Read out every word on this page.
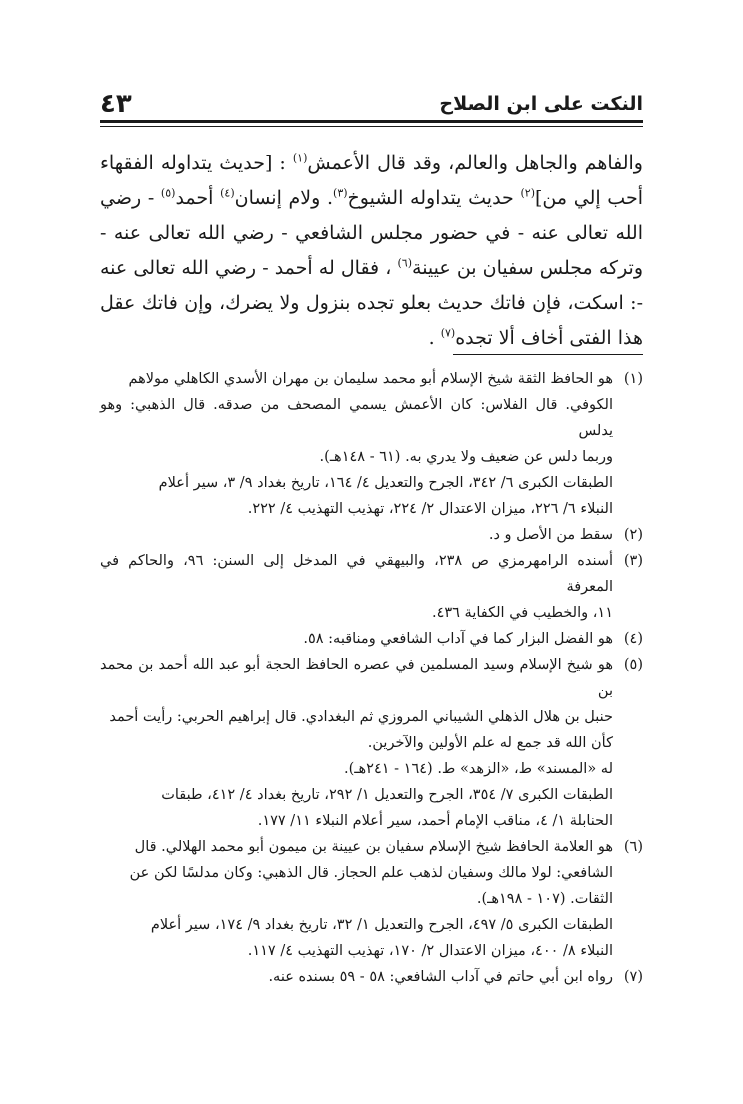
النكت على ابن الصلاح
٤٣

والفاهم والجاهل والعالم، وقد قال الأعمش$^{(١)}$ : [حديث يتداوله الفقهاء أحب إلي من]$^{(٢)}$ حديث يتداوله الشيوخ$^{(٣)}$. ولام إنسان$^{(٤)}$ أحمد$^{(٥)}$ - رضي الله تعالى عنه - في حضور مجلس الشافعي - رضي الله تعالى عنه - وتركه مجلس سفيان بن عيينة$^{(٦)}$ ، فقال له أحمد - رضي الله تعالى عنه -: اسكت، فإن فاتك حديث بعلو تجده بنزول ولا يضرك، وإن فاتك عقل هذا الفتى أخاف ألا تجده$^{(٧)}$ .

(١)
هو الحافظ الثقة شيخ الإسلام أبو محمد سليمان بن مهران الأسدي الكاهلي مولاهم
الكوفي. قال الفلاس: كان الأعمش يسمي المصحف من صدقه. قال الذهبي: وهو يدلس
وربما دلس عن ضعيف ولا يدري به. (٦١ - ١٤٨هـ).
الطبقات الكبرى ٦/ ٣٤٢، الجرح والتعديل ٤/ ١٦٤، تاريخ بغداد ٩/ ٣، سير أعلام
النبلاء ٦/ ٢٢٦، ميزان الاعتدال ٢/ ٢٢٤، تهذيب التهذيب ٤/ ٢٢٢.
(٢)
سقط من الأصل و د.
(٣)
أسنده الرامهرمزي ص ٢٣٨، والبيهقي في المدخل إلى السنن: ٩٦، والحاكم في المعرفة
١١، والخطيب في الكفاية ٤٣٦.
(٤)
هو الفضل البزار كما في آداب الشافعي ومناقبه: ٥٨.
(٥)
هو شيخ الإسلام وسيد المسلمين في عصره الحافظ الحجة أبو عبد الله أحمد بن محمد بن
حنبل بن هلال الذهلي الشيباني المروزي ثم البغدادي. قال إبراهيم الحربي: رأيت أحمد
كأن الله قد جمع له علم الأولين والآخرين.
له «المسند» ط، «الزهد» ط. (١٦٤ - ٢٤١هـ).
الطبقات الكبرى ٧/ ٣٥٤، الجرح والتعديل ١/ ٢٩٢، تاريخ بغداد ٤/ ٤١٢، طبقات
الحنابلة ١/ ٤، مناقب الإمام أحمد، سير أعلام النبلاء ١١/ ١٧٧.
(٦)
هو العلامة الحافظ شيخ الإسلام سفيان بن عيينة بن ميمون أبو محمد الهلالي. قال
الشافعي: لولا مالك وسفيان لذهب علم الحجاز. قال الذهبي: وكان مدلسًا لكن عن
الثقات. (١٠٧ - ١٩٨هـ).
الطبقات الكبرى ٥/ ٤٩٧، الجرح والتعديل ١/ ٣٢، تاريخ بغداد ٩/ ١٧٤، سير أعلام
النبلاء ٨/ ٤٠٠، ميزان الاعتدال ٢/ ١٧٠، تهذيب التهذيب ٤/ ١١٧.
(٧)
رواه ابن أبي حاتم في آداب الشافعي: ٥٨ - ٥٩ بسنده عنه.
